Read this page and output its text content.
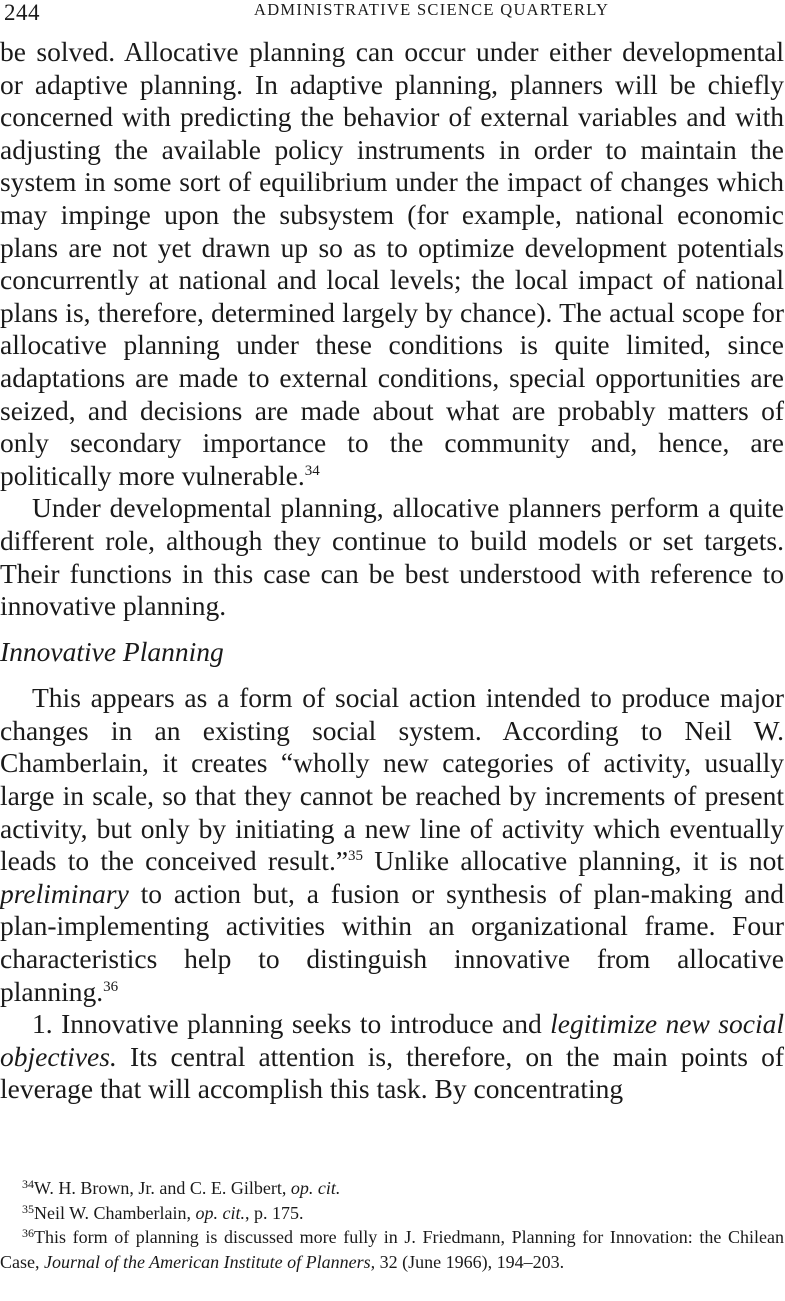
244	ADMINISTRATIVE SCIENCE QUARTERLY

be solved. Allocative planning can occur under either developmental or adaptive planning. In adaptive planning, planners will be chiefly concerned with predicting the behavior of external variables and with adjusting the available policy instruments in order to maintain the system in some sort of equilibrium under the impact of changes which may impinge upon the subsystem (for example, national economic plans are not yet drawn up so as to optimize development potentials concurrently at national and local levels; the local impact of national plans is, therefore, determined largely by chance). The actual scope for allocative planning under these conditions is quite limited, since adaptations are made to external conditions, special opportunities are seized, and decisions are made about what are probably matters of only secondary importance to the community and, hence, are politically more vulnerable.$^{34}$

Under developmental planning, allocative planners perform a quite different role, although they continue to build models or set targets. Their functions in this case can be best understood with reference to innovative planning.

Innovative Planning

This appears as a form of social action intended to produce major changes in an existing social system. According to Neil W. Chamberlain, it creates “wholly new categories of activity, usually large in scale, so that they cannot be reached by increments of present activity, but only by initiating a new line of activity which eventually leads to the conceived result.”$^{35}$ Unlike allocative planning, it is not preliminary to action but, a fusion or synthesis of plan-making and plan-implementing activities within an organizational frame. Four characteristics help to distinguish innovative from allocative planning.$^{36}$

1. Innovative planning seeks to introduce and legitimize new social objectives. Its central attention is, therefore, on the main points of leverage that will accomplish this task. By concentrating

$^{34}$W. H. Brown, Jr. and C. E. Gilbert, op. cit.

$^{35}$Neil W. Chamberlain, op. cit., p. 175.

$^{36}$This form of planning is discussed more fully in J. Friedmann, Planning for Innovation: the Chilean Case, Journal of the American Institute of Planners, 32 (June 1966), 194–203.
